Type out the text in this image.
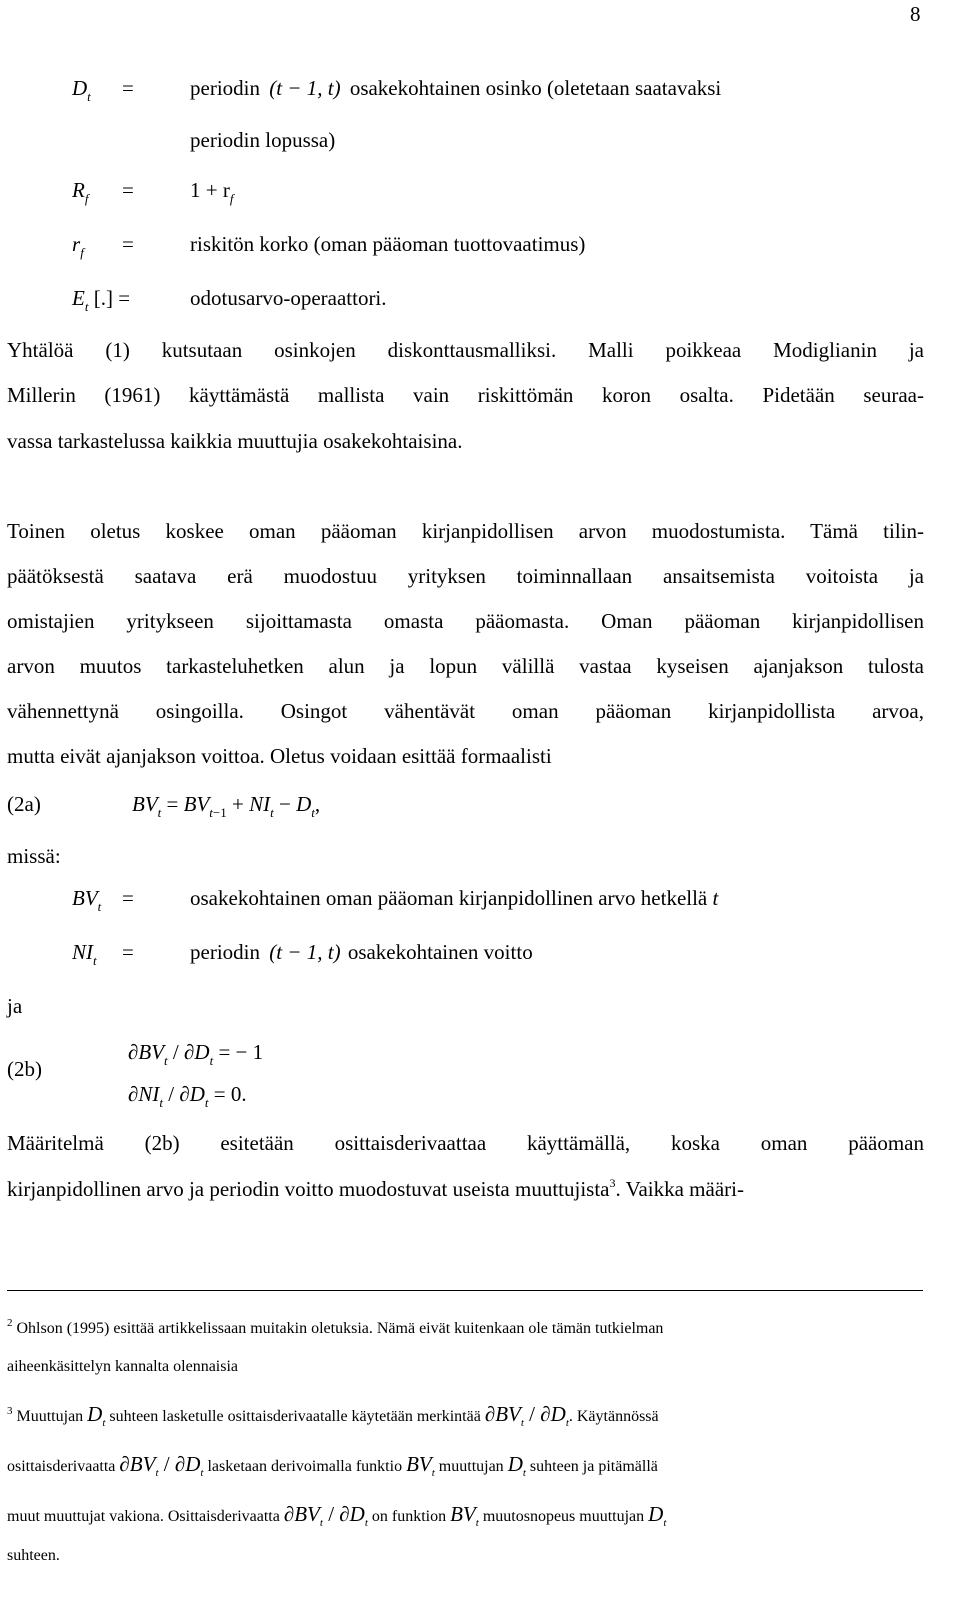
8
$D_t$ =	periodin (t − 1, t) osakekohtainen osinko (oletetaan saatavaksi
periodin lopussa)
$R_f$ =	$1 + r_f$
$r_f$ =	riskitön korko (oman pääoman tuottovaatimus)
$E_t$ [.] =	odotusarvo-operaattori.
Yhtälöä (1) kutsutaan osinkojen diskonttausmalliksi. Malli poikkeaa Modiglianin ja
Millerin (1961) käyttämästä mallista vain riskittömän koron osalta. Pidetään seuraa-
vassa tarkastelussa kaikkia muuttujia osakekohtaisina.
Toinen oletus koskee oman pääoman kirjanpidollisen arvon muodostumista. Tämä tilin-
päätöksestä saatava erä muodostuu yrityksen toiminnallaan ansaitsemista voitoista ja
omistajien yritykseen sijoittamasta omasta pääomasta. Oman pääoman kirjanpidollisen
arvon muutos tarkasteluhetken alun ja lopun välillä vastaa kyseisen ajanjakson tulosta
vähennettynä osingoilla. Osingot vähentävät oman pääoman kirjanpidollista arvoa,
mutta eivät ajanjakson voittoa. Oletus voidaan esittää formaalisti
(2a)	$BV_t = BV_{t-1} + NI_t - D_t$,
missä:
$BV_t$ =	osakekohtainen oman pääoman kirjanpidollinen arvo hetkellä t
$NI_t$ =	periodin (t − 1, t) osakekohtainen voitto
ja
(2b)
$\partial BV_t / \partial D_t$ = − 1
$\partial NI_t / \partial D_t = 0$.
Määritelmä (2b) esitetään osittaisderivaattaa käyttämällä, koska oman pääoman
kirjanpidollinen arvo ja periodin voitto muodostuvat useista muuttujista$^3$. Vaikka määri-
$^2$ Ohlson (1995) esittää artikkelissaan muitakin oletuksia. Nämä eivät kuitenkaan ole tämän tutkielman
aiheenkäsittelyn kannalta olennaisia
$^3$ Muuttujan $D_t$ suhteen lasketulle osittaisderivaatalle käytetään merkintää $\partial BV_t / \partial D_t$. Käytännössä
osittaisderivaatta $\partial BV_t / \partial D_t$ lasketaan derivoimalla funktio $BV_t$ muuttujan $D_t$ suhteen ja pitämällä
muut muuttujat vakiona. Osittaisderivaatta $\partial BV_t / \partial D_t$ on funktion $BV_t$ muutosnopeus muuttujan $D_t$
suhteen.
